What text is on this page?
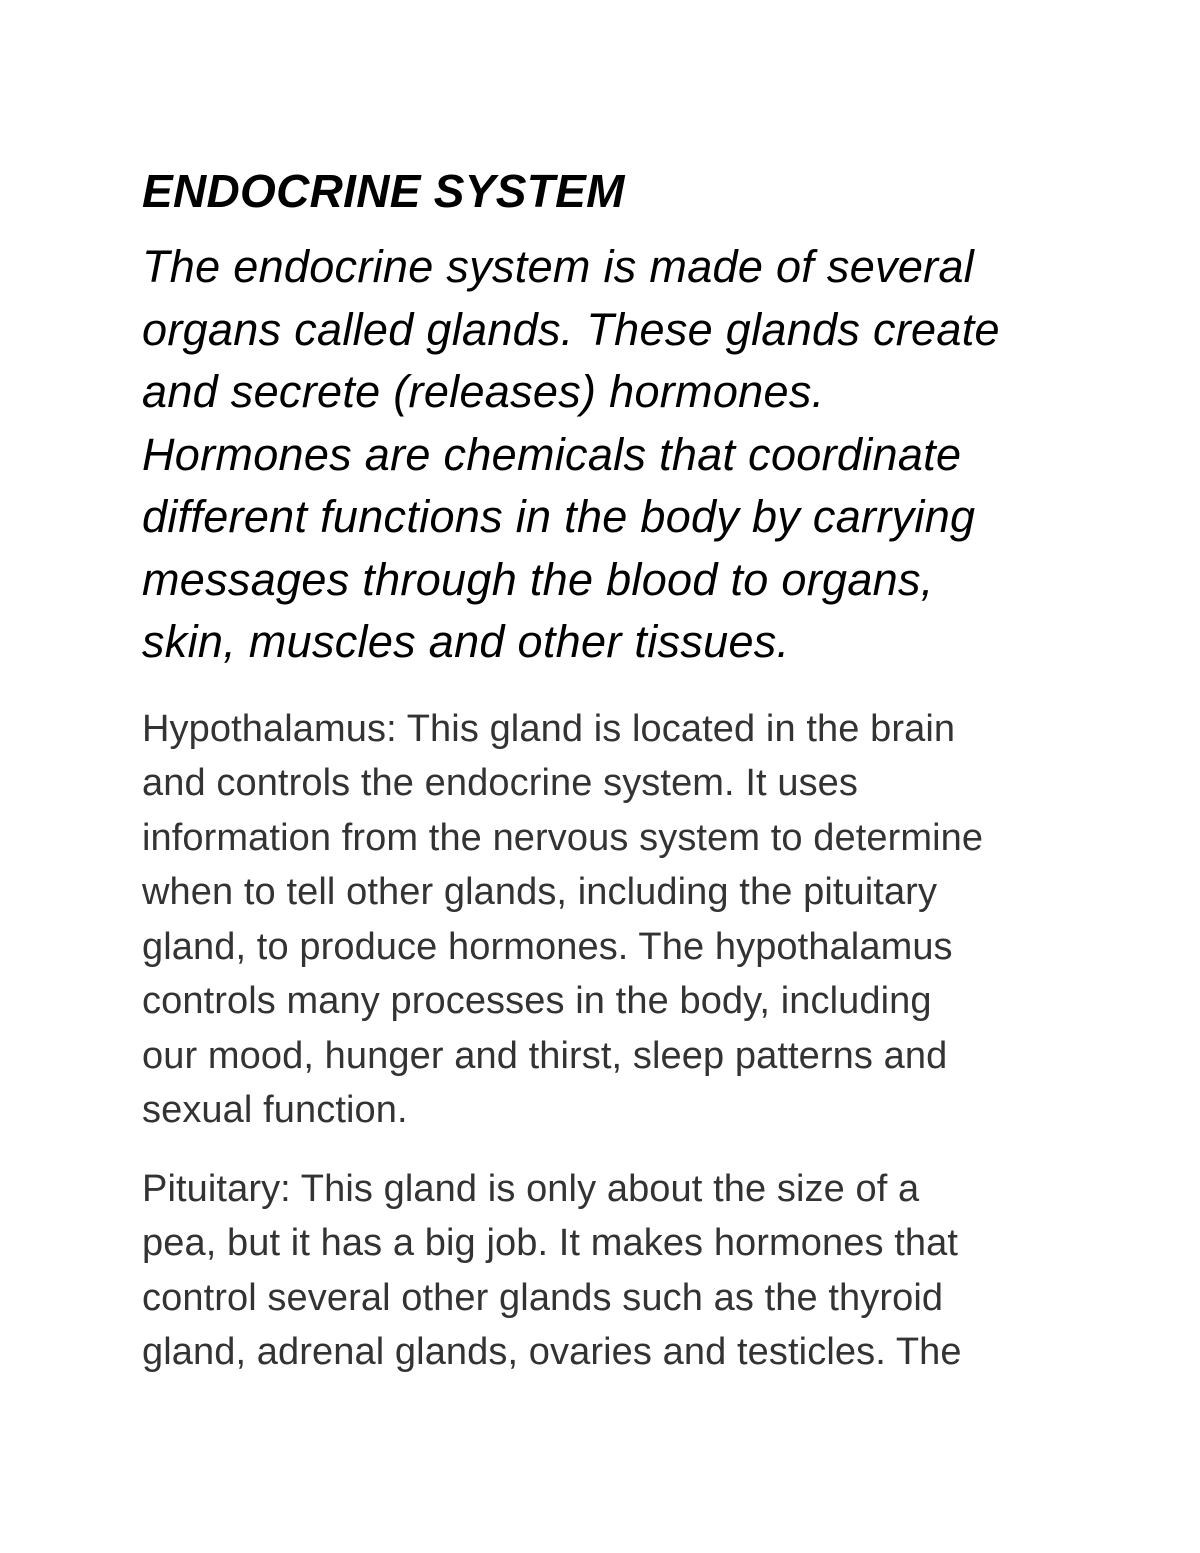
ENDOCRINE SYSTEM

The endocrine system is made of several
organs called glands. These glands create
and secrete (releases) hormones.
Hormones are chemicals that coordinate
different functions in the body by carrying
messages through the blood to organs,
skin, muscles and other tissues.

Hypothalamus: This gland is located in the brain
and controls the endocrine system. It uses
information from the nervous system to determine
when to tell other glands, including the pituitary
gland, to produce hormones. The hypothalamus
controls many processes in the body, including
our mood, hunger and thirst, sleep patterns and
sexual function.

Pituitary: This gland is only about the size of a
pea, but it has a big job. It makes hormones that
control several other glands such as the thyroid
gland, adrenal glands, ovaries and testicles. The
